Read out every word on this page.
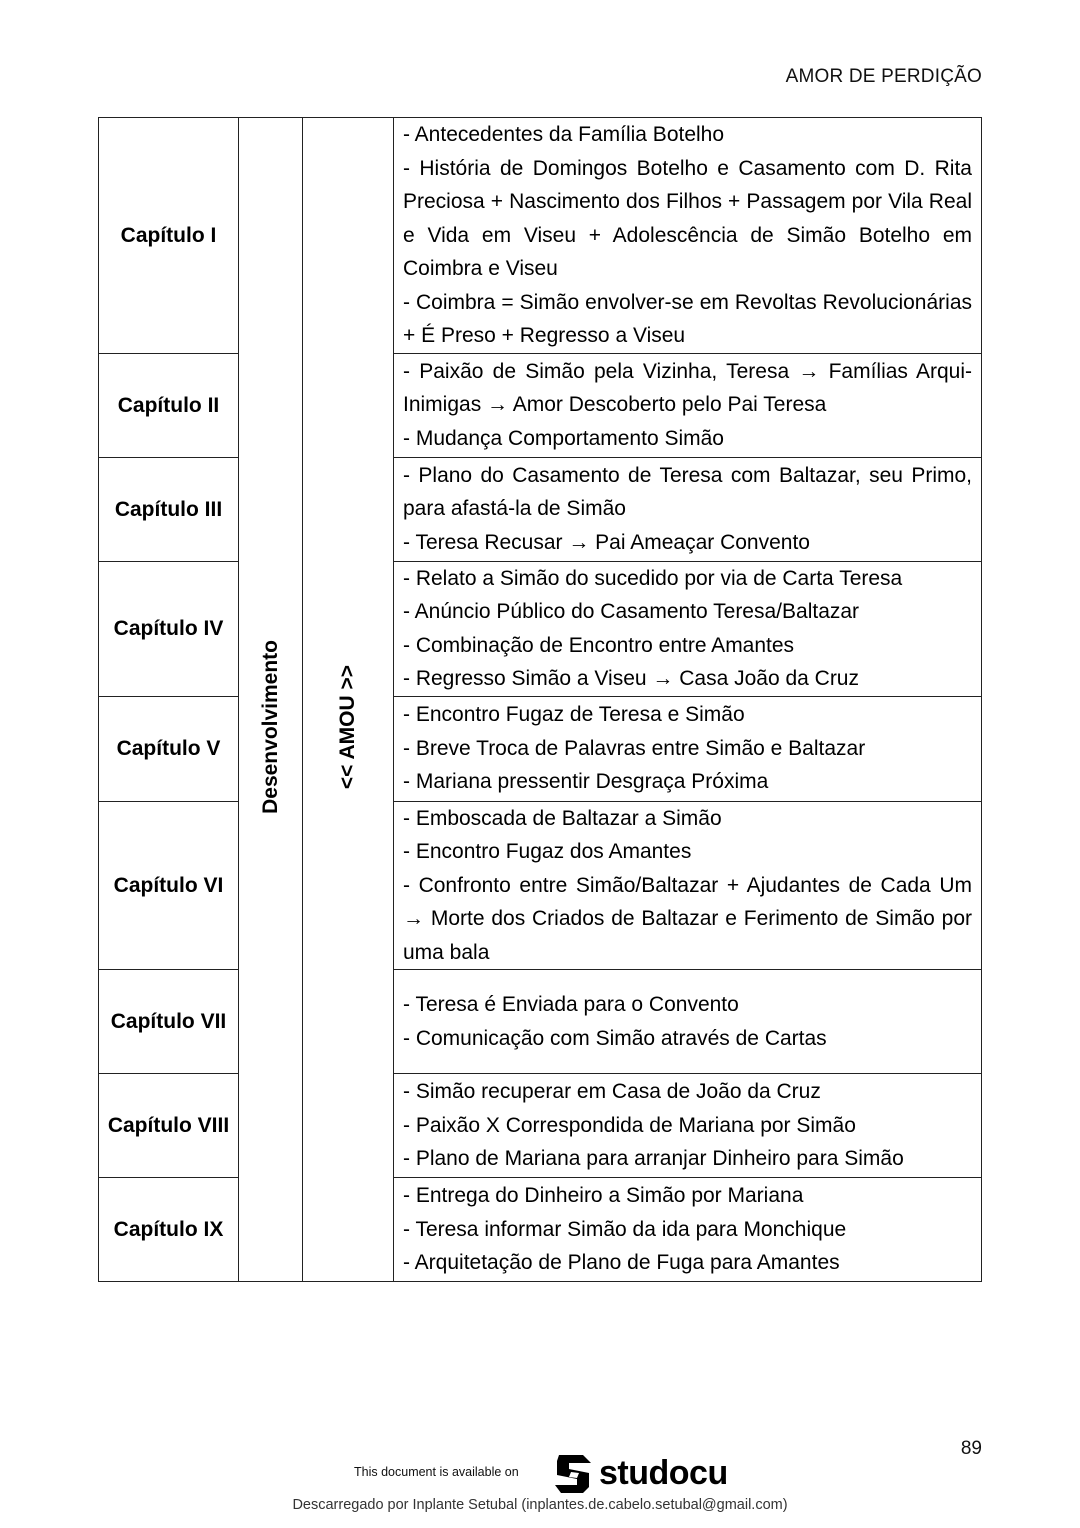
AMOR DE PERDIÇÃO
Capítulo I	Desenvolvimento	<< AMOU >>	- Antecedentes da Família Botelho
- História de Domingos Botelho e Casamento com D. Rita Preciosa + Nascimento dos Filhos + Passagem por Vila Real e Vida em Viseu + Adolescência de Simão Botelho em Coimbra e Viseu
- Coimbra = Simão envolver-se em Revoltas Revolucionárias + É Preso + Regresso a Viseu

Capítulo II			- Paixão de Simão pela Vizinha, Teresa → Famílias Arqui-Inimigas → Amor Descoberto pelo Pai Teresa
- Mudança Comportamento Simão

Capítulo III			- Plano do Casamento de Teresa com Baltazar, seu Primo, para afastá-la de Simão
- Teresa Recusar → Pai Ameaçar Convento

Capítulo IV			- Relato a Simão do sucedido por via de Carta Teresa
- Anúncio Público do Casamento Teresa/Baltazar
- Combinação de Encontro entre Amantes
- Regresso Simão a Viseu → Casa João da Cruz

Capítulo V			- Encontro Fugaz de Teresa e Simão
- Breve Troca de Palavras entre Simão e Baltazar
- Mariana pressentir Desgraça Próxima

Capítulo VI			- Emboscada de Baltazar a Simão
- Encontro Fugaz dos Amantes
- Confronto entre Simão/Baltazar + Ajudantes de Cada Um → Morte dos Criados de Baltazar e Ferimento de Simão por uma bala

Capítulo VII			- Teresa é Enviada para o Convento
- Comunicação com Simão através de Cartas

Capítulo VIII			- Simão recuperar em Casa de João da Cruz
- Paixão X Correspondida de Mariana por Simão
- Plano de Mariana para arranjar Dinheiro para Simão

Capítulo IX			- Entrega do Dinheiro a Simão por Mariana
- Teresa informar Simão da ida para Monchique
- Arquitetação de Plano de Fuga para Amantes
89
This document is available on studocu
Descarregado por Inplante Setubal (inplantes.de.cabelo.setubal@gmail.com)
